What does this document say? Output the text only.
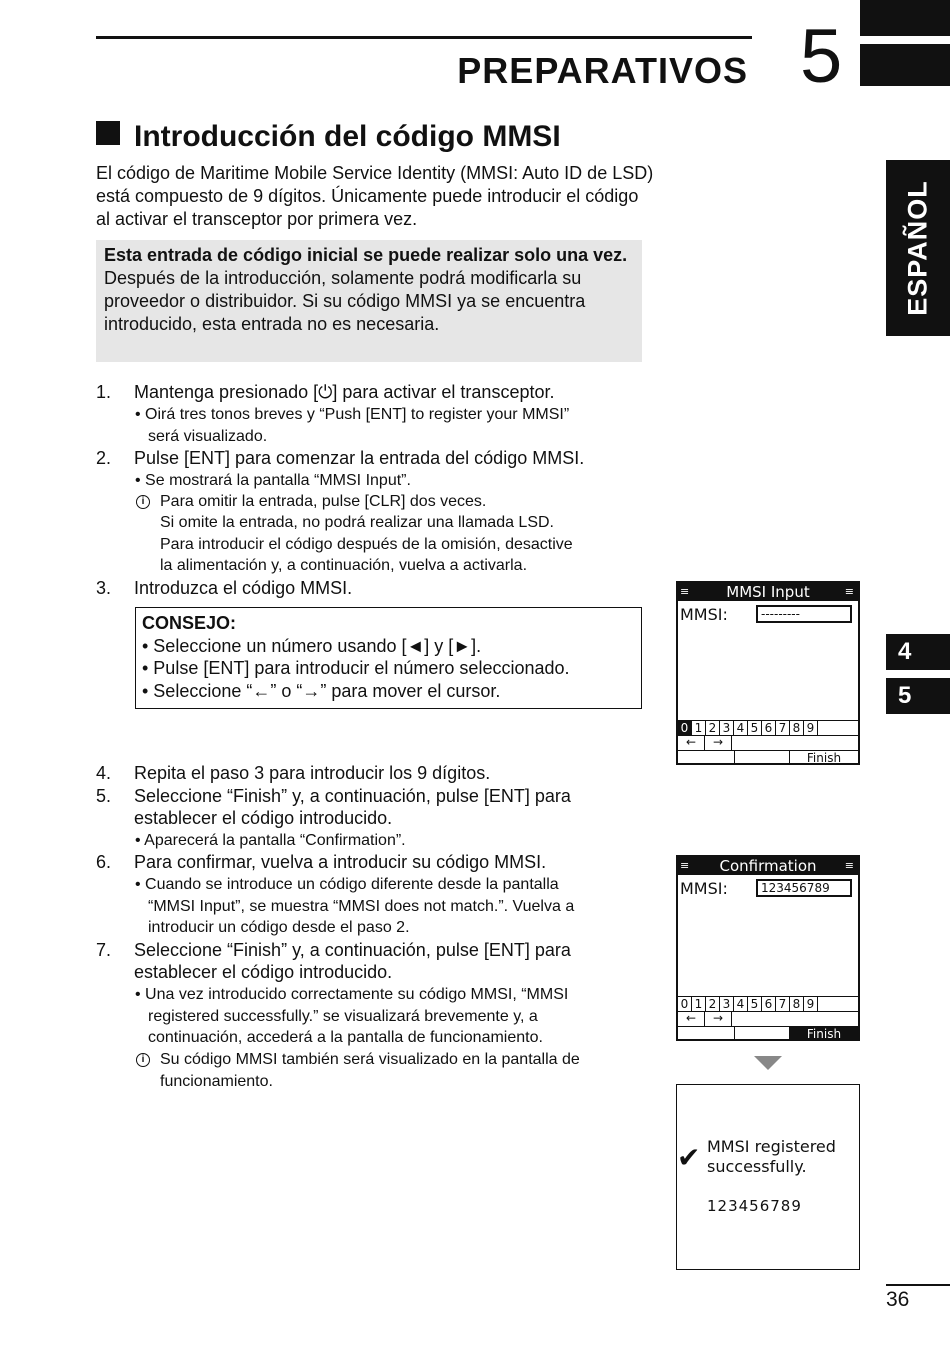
PREPARATIVOS 5
ESPAÑOL
4
5
Introducción del código MMSI
El código de Maritime Mobile Service Identity (MMSI: Auto ID de LSD) está compuesto de 9 dígitos. Únicamente puede introducir el código al activar el transceptor por primera vez.
Esta entrada de código inicial se puede realizar solo una vez.
Después de la introducción, solamente podrá modificarla su proveedor o distribuidor. Si su código MMSI ya se encuentra introducido, esta entrada no es necesaria.
1.	Mantenga presionado [⏻] para activar el transceptor.
• Oirá tres tonos breves y “Push [ENT] to register your MMSI”
será visualizado.
2.	Pulse [ENT] para comenzar la entrada del código MMSI.
• Se mostrará la pantalla “MMSI Input”.
i Para omitir la entrada, pulse [CLR] dos veces.
Si omite la entrada, no podrá realizar una llamada LSD.
Para introducir el código después de la omisión, desactive
la alimentación y, a continuación, vuelva a activarla.
3.	Introduzca el código MMSI.
CONSEJO:
• Seleccione un número usando [◄] y [►].
• Pulse [ENT] para introducir el número seleccionado.
• Seleccione “←” o “→” para mover el cursor.
4.	Repita el paso 3 para introducir los 9 dígitos.
5.	Seleccione “Finish” y, a continuación, pulse [ENT] para
establecer el código introducido.
• Aparecerá la pantalla “Confirmation”.
6.	Para confirmar, vuelva a introducir su código MMSI.
• Cuando se introduce un código diferente desde la pantalla
“MMSI Input”, se muestra “MMSI does not match.”. Vuelva a
introducir un código desde el paso 2.
7.	Seleccione “Finish” y, a continuación, pulse [ENT] para
establecer el código introducido.
• Una vez introducido correctamente su código MMSI, “MMSI
registered successfully.” se visualizará brevemente y, a
continuación, accederá a la pantalla de funcionamiento.
i Su código MMSI también será visualizado en la pantalla de
funcionamiento.
≡ MMSI Input	≡
MMSI:	---------
0 1 2 3 4 5 6 7 8 9
←	→
Finish
≡ Confirmation	≡
MMSI:	123456789
0 1 2 3 4 5 6 7 8 9
←	→
Finish
✔ MMSI registered
successfully.
123456789
36
